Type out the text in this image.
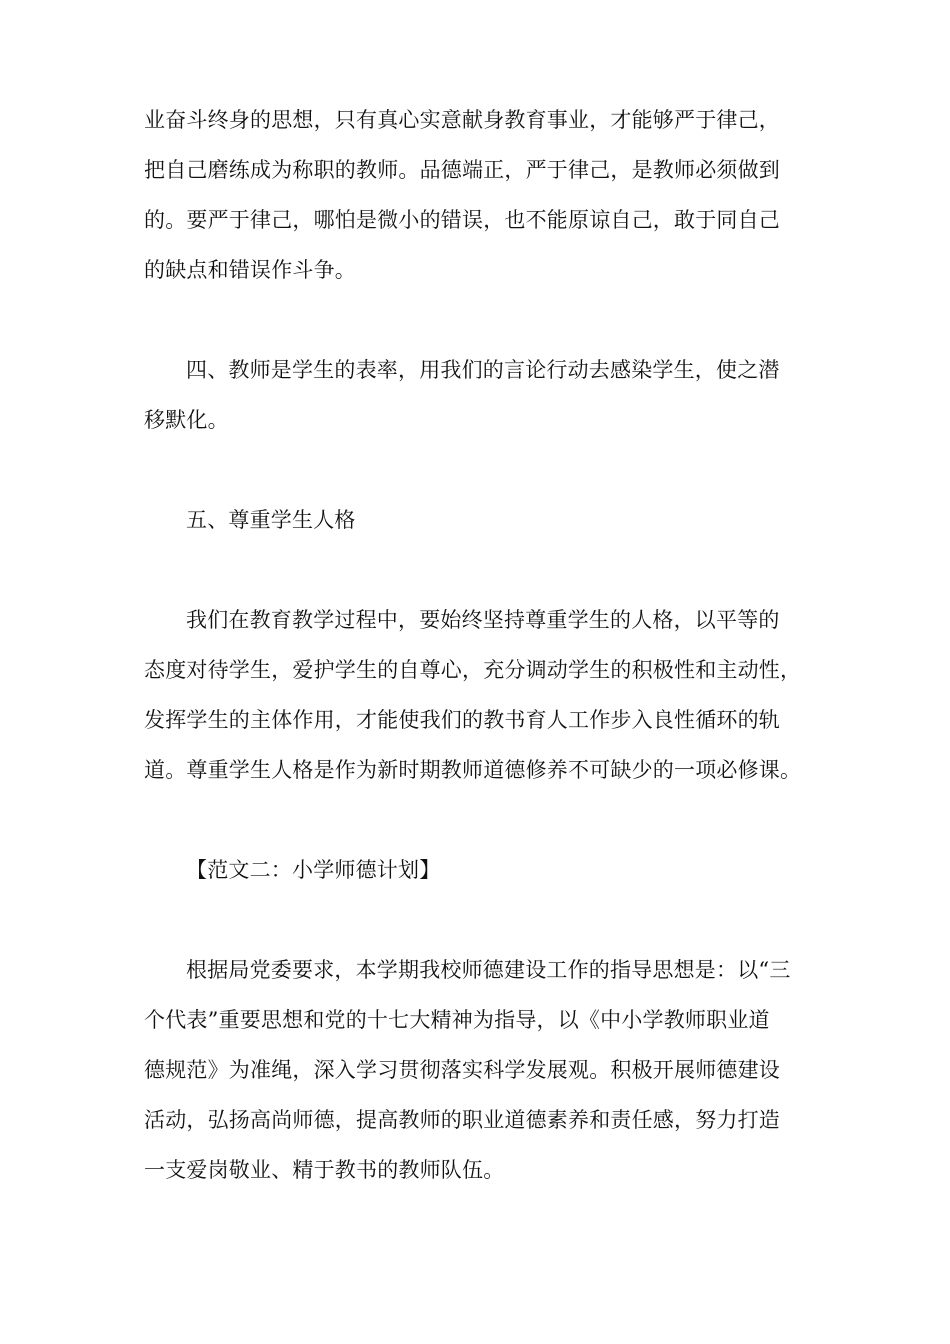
业奋斗终身的思想，只有真心实意献身教育事业，才能够严于律己，
把自己磨练成为称职的教师。品德端正，严于律己，是教师必须做到
的。要严于律己，哪怕是微小的错误，也不能原谅自己，敢于同自己
的缺点和错误作斗争。
四、教师是学生的表率，用我们的言论行动去感染学生，使之潜
移默化。
五、尊重学生人格
我们在教育教学过程中，要始终坚持尊重学生的人格，以平等的
态度对待学生，爱护学生的自尊心，充分调动学生的积极性和主动性，
发挥学生的主体作用，才能使我们的教书育人工作步入良性循环的轨
道。尊重学生人格是作为新时期教师道德修养不可缺少的一项必修课。
【范文二：小学师德计划】
根据局党委要求，本学期我校师德建设工作的指导思想是：以“三
个代表”重要思想和党的十七大精神为指导，以《中小学教师职业道
德规范》为准绳，深入学习贯彻落实科学发展观。积极开展师德建设
活动，弘扬高尚师德，提高教师的职业道德素养和责任感，努力打造
一支爱岗敬业、精于教书的教师队伍。
